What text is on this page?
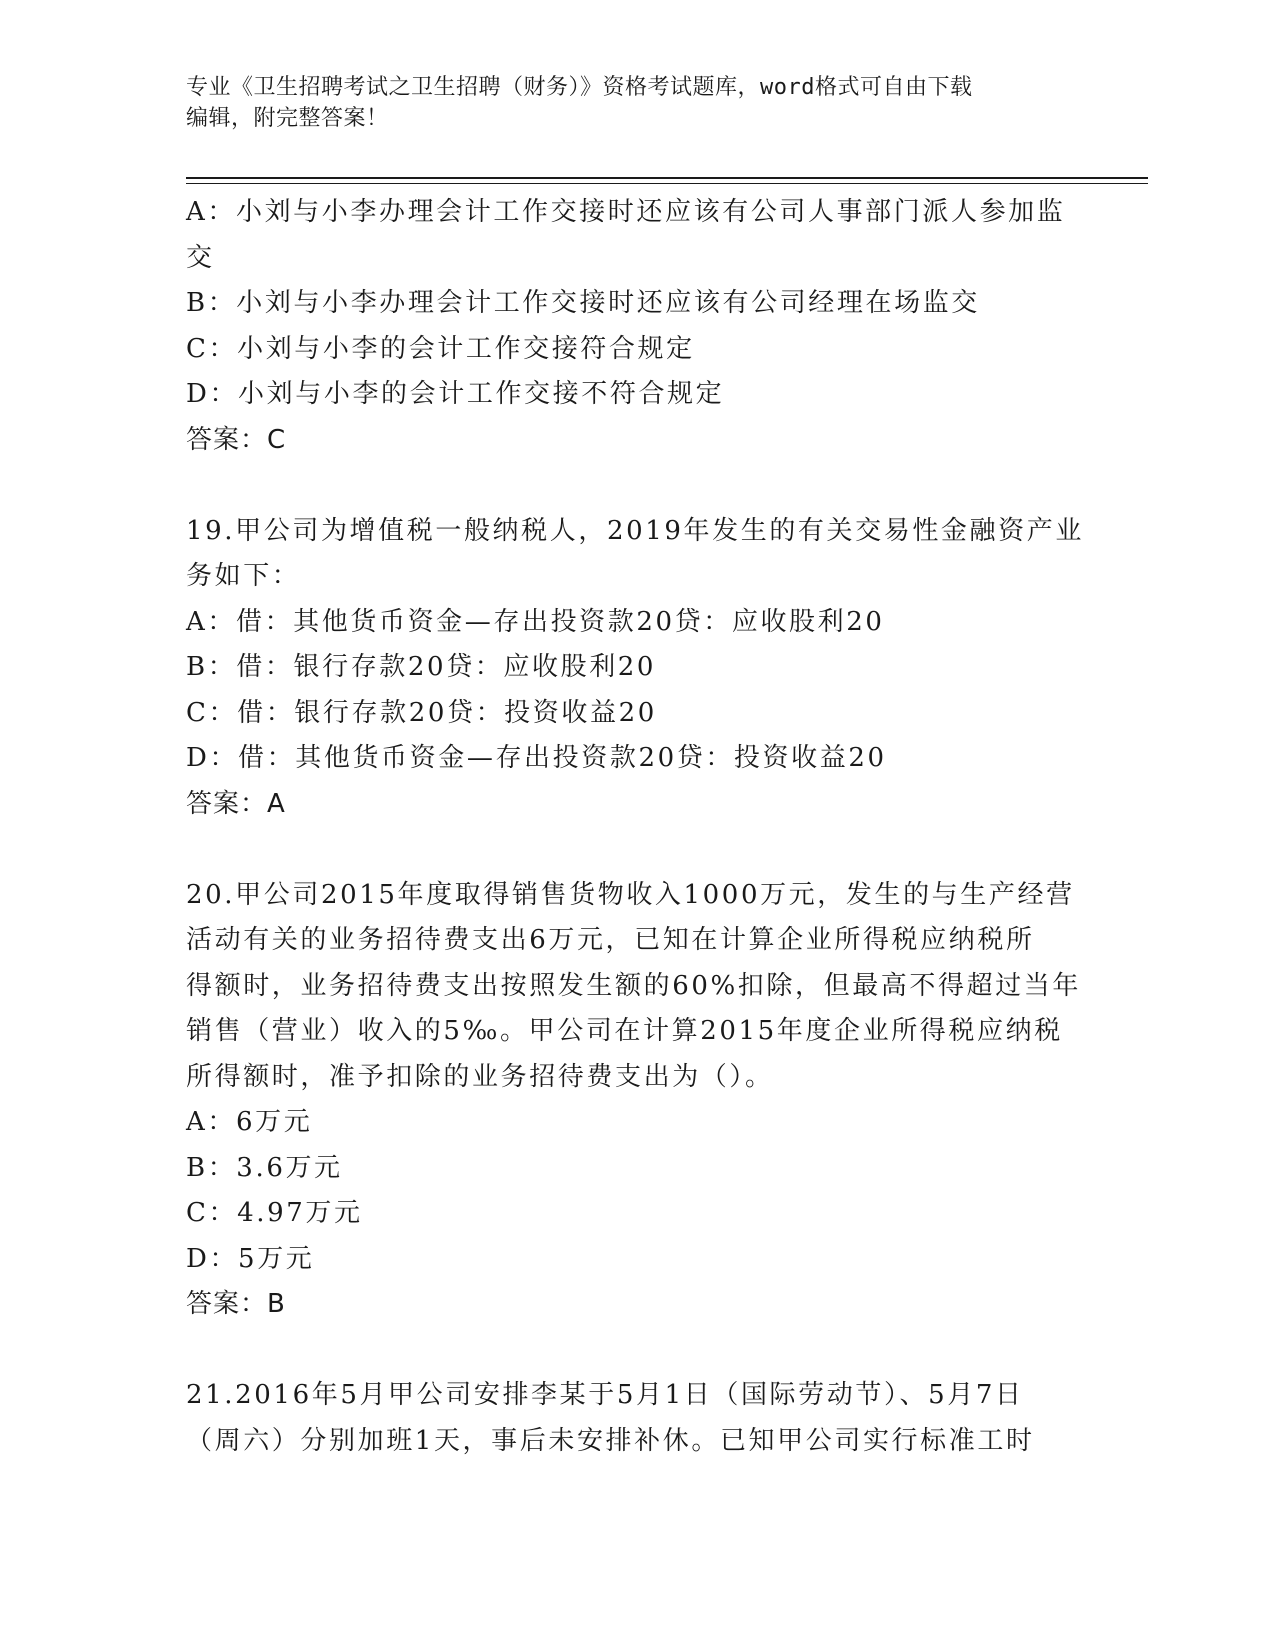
专业《卫生招聘考试之卫生招聘（财务）》资格考试题库，word格式可自由下载
编辑，附完整答案！
A：小刘与小李办理会计工作交接时还应该有公司人事部门派人参加监
交
B：小刘与小李办理会计工作交接时还应该有公司经理在场监交
C：小刘与小李的会计工作交接符合规定
D：小刘与小李的会计工作交接不符合规定
答案：C
19.甲公司为增值税一般纳税人，2019年发生的有关交易性金融资产业
务如下：
A：借：其他货币资金—存出投资款20贷：应收股利20
B：借：银行存款20贷：应收股利20
C：借：银行存款20贷：投资收益20
D：借：其他货币资金—存出投资款20贷：投资收益20
答案：A
20.甲公司2015年度取得销售货物收入1000万元，发生的与生产经营
活动有关的业务招待费支出6万元，已知在计算企业所得税应纳税所
得额时，业务招待费支出按照发生额的60%扣除，但最高不得超过当年
销售（营业）收入的5‰。甲公司在计算2015年度企业所得税应纳税
所得额时，准予扣除的业务招待费支出为（）。
A：6万元
B：3.6万元
C：4.97万元
D：5万元
答案：B
21.2016年5月甲公司安排李某于5月1日（国际劳动节）、5月7日
（周六）分别加班1天，事后未安排补休。已知甲公司实行标准工时
